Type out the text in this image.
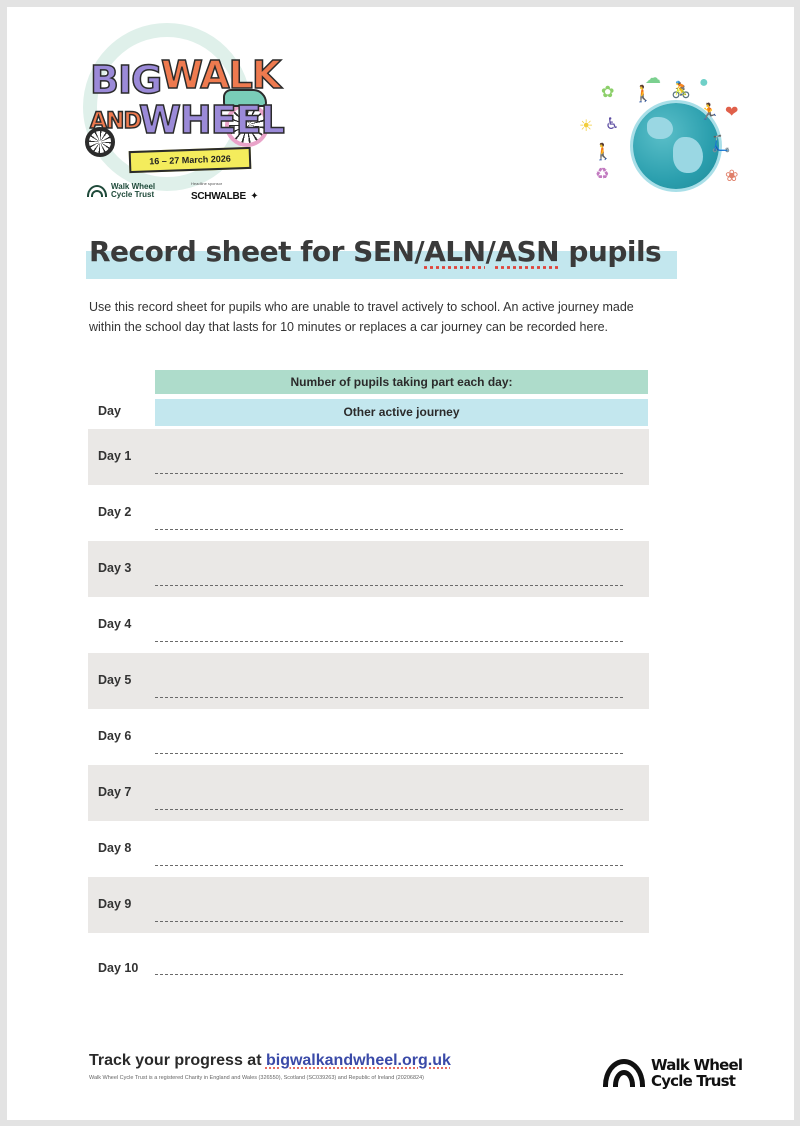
BIG WALK
AND
WHEEL
16 – 27 March 2026
Walk Wheel Cycle Trust
Headline sponsor
SCHWALBE ✦
✿
☁
🚶 🚴 ●
❤
☀ ♿
🏃
🚶	🛴
♻	❀
Record sheet for SEN/ALN/ASN pupils

Use this record sheet for pupils who are unable to travel actively to school. An active journey made within the school day that lasts for 10 minutes or replaces a car journey can be recorded here.

Number of pupils taking part each day:
Day	Other active journey
Day 1
Day 2
Day 3
Day 4
Day 5
Day 6
Day 7
Day 8
Day 9
Day 10

Track your progress at bigwalkandwheel.org.uk

Walk Wheel Cycle Trust is a registered Charity in England and Wales (326550), Scotland (SC039263) and Republic of Ireland (20206824)

Walk Wheel
Cycle Trust
